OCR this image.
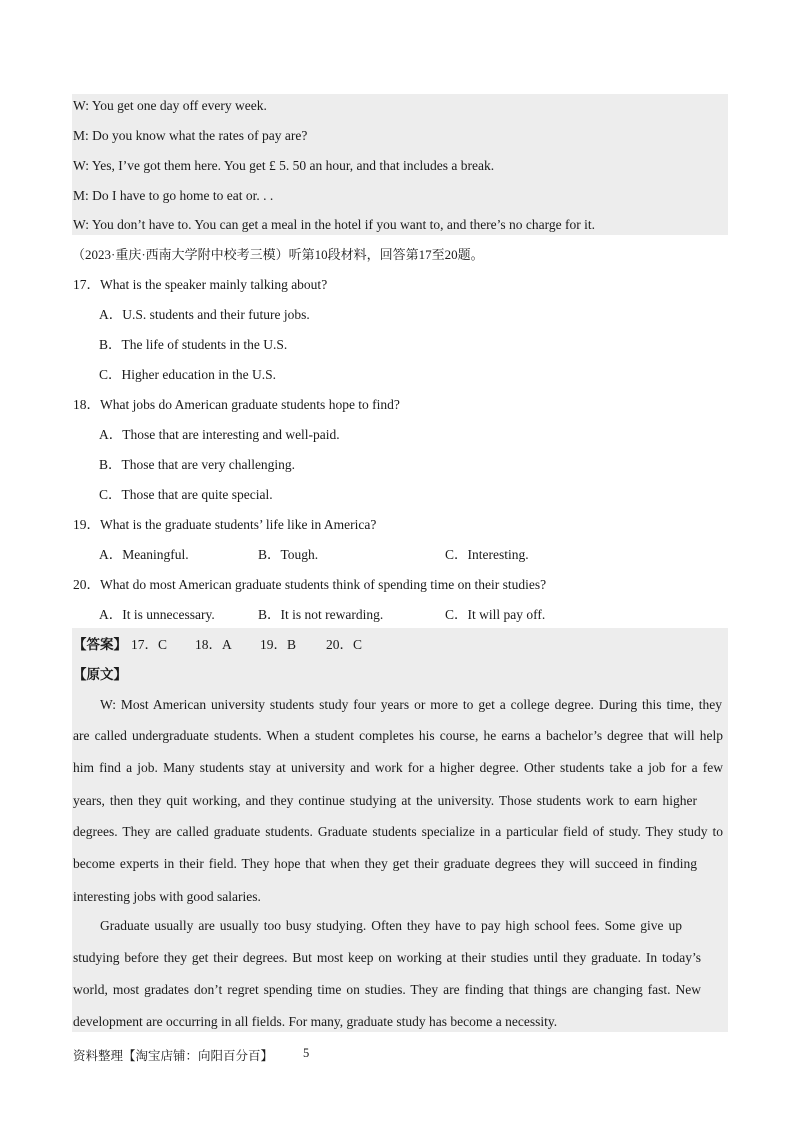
W: You get one day off every week.
M: Do you know what the rates of pay are?
W: Yes, I’ve got them here. You get £ 5. 50 an hour, and that includes a break.
M: Do I have to go home to eat or. . .
W: You don’t have to. You can get a meal in the hotel if you want to, and there’s no charge for it.
（2023·重庆·西南大学附中校考三模）听第10段材料，回答第17至20题。
17．What is the speaker mainly talking about?
A．U.S. students and their future jobs.
B．The life of students in the U.S.
C．Higher education in the U.S.
18．What jobs do American graduate students hope to find?
A．Those that are interesting and well-paid.
B．Those that are very challenging.
C．Those that are quite special.
19．What is the graduate students’ life like in America?
A．Meaningful.	B．Tough.	C．Interesting.
20．What do most American graduate students think of spending time on their studies?
A．It is unnecessary.	B．It is not rewarding.	C．It will pay off.
【答案】 17．C 18．A 19．B 20．C
【原文】
W: Most American university students study four years or more to get a college degree. During this time, they
are called undergraduate students. When a student completes his course, he earns a bachelor’s degree that will help
him find a job. Many students stay at university and work for a higher degree. Other students take a job for a few
years, then they quit working, and they continue studying at the university. Those students work to earn higher
degrees. They are called graduate students. Graduate students specialize in a particular field of study. They study to
become experts in their field. They hope that when they get their graduate degrees they will succeed in finding
interesting jobs with good salaries.
Graduate usually are usually too busy studying. Often they have to pay high school fees. Some give up
studying before they get their degrees. But most keep on working at their studies until they graduate. In today’s
world, most gradates don’t regret spending time on studies. They are finding that things are changing fast. New
development are occurring in all fields. For many, graduate study has become a necessity.
资料整理【淘宝店铺：向阳百分百】 5
